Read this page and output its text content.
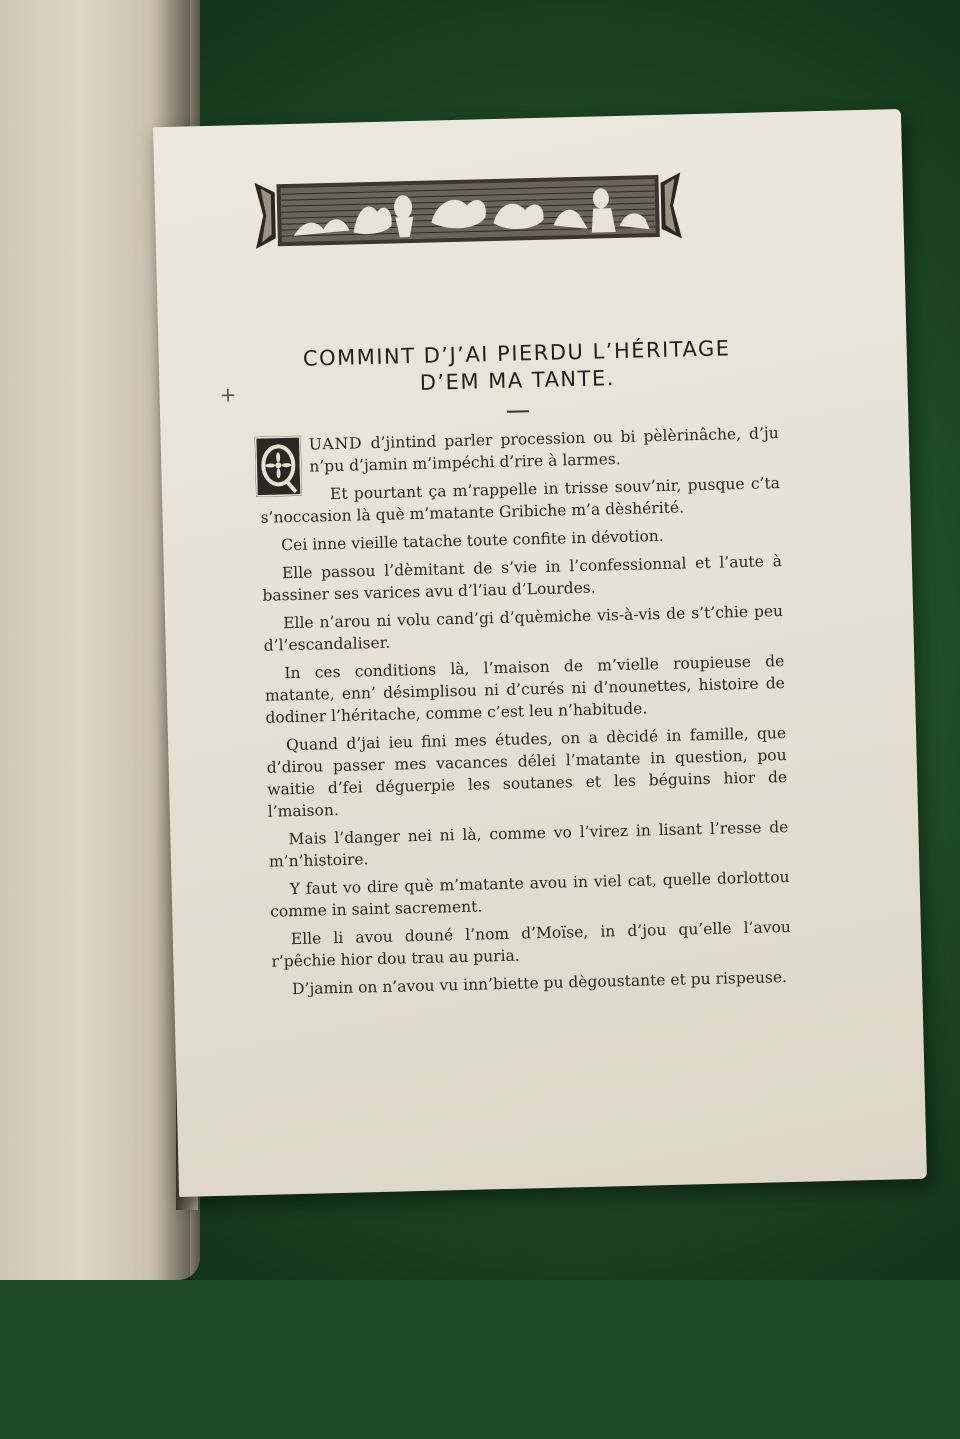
+
COMMINT D’J’AI PIERDU L’HÉRITAGE
D’EM MA TANTE.

UAND d’jintind parler procession ou bi pèlèrinâche, d’ju n’pu d’jamin m’impéchi d’rire à larmes.

Et pourtant ça m’rappelle in trisse souv’nir, pusque c’ta s’noccasion là què m’matante Gribiche m’a dèshérité.

Cei inne vieille tatache toute confite in dévotion.

Elle passou l’dèmitant de s’vie in l’confessionnal et l’aute à bassiner ses varices avu d’l’iau d’Lourdes.

Elle n’arou ni volu cand’gi d’quèmiche vis-à-vis de s’t’chie peu d’l’escandaliser.

In ces conditions là, l’maison de m’vielle roupieuse de matante, enn’ désimplisou ni d’curés ni d’nounettes, histoire de dodiner l’héritache, comme c’est leu n’habitude.

Quand d’jai ieu fini mes études, on a dècidé in famille, que d’dirou passer mes vacances délei l’matante in question, pou waitie d’fei déguerpie les soutanes et les béguins hior de l’maison.

Mais l’danger nei ni là, comme vo l’virez in lisant l’resse de m’n’histoire.

Y faut vo dire què m’matante avou in viel cat, quelle dorlottou comme in saint sacrement.

Elle li avou douné l’nom d’Moïse, in d’jou qu’elle l’avou r’pêchie hior dou trau au puria.

D’jamin on n’avou vu inn’biette pu dègoustante et pu rispeuse.
